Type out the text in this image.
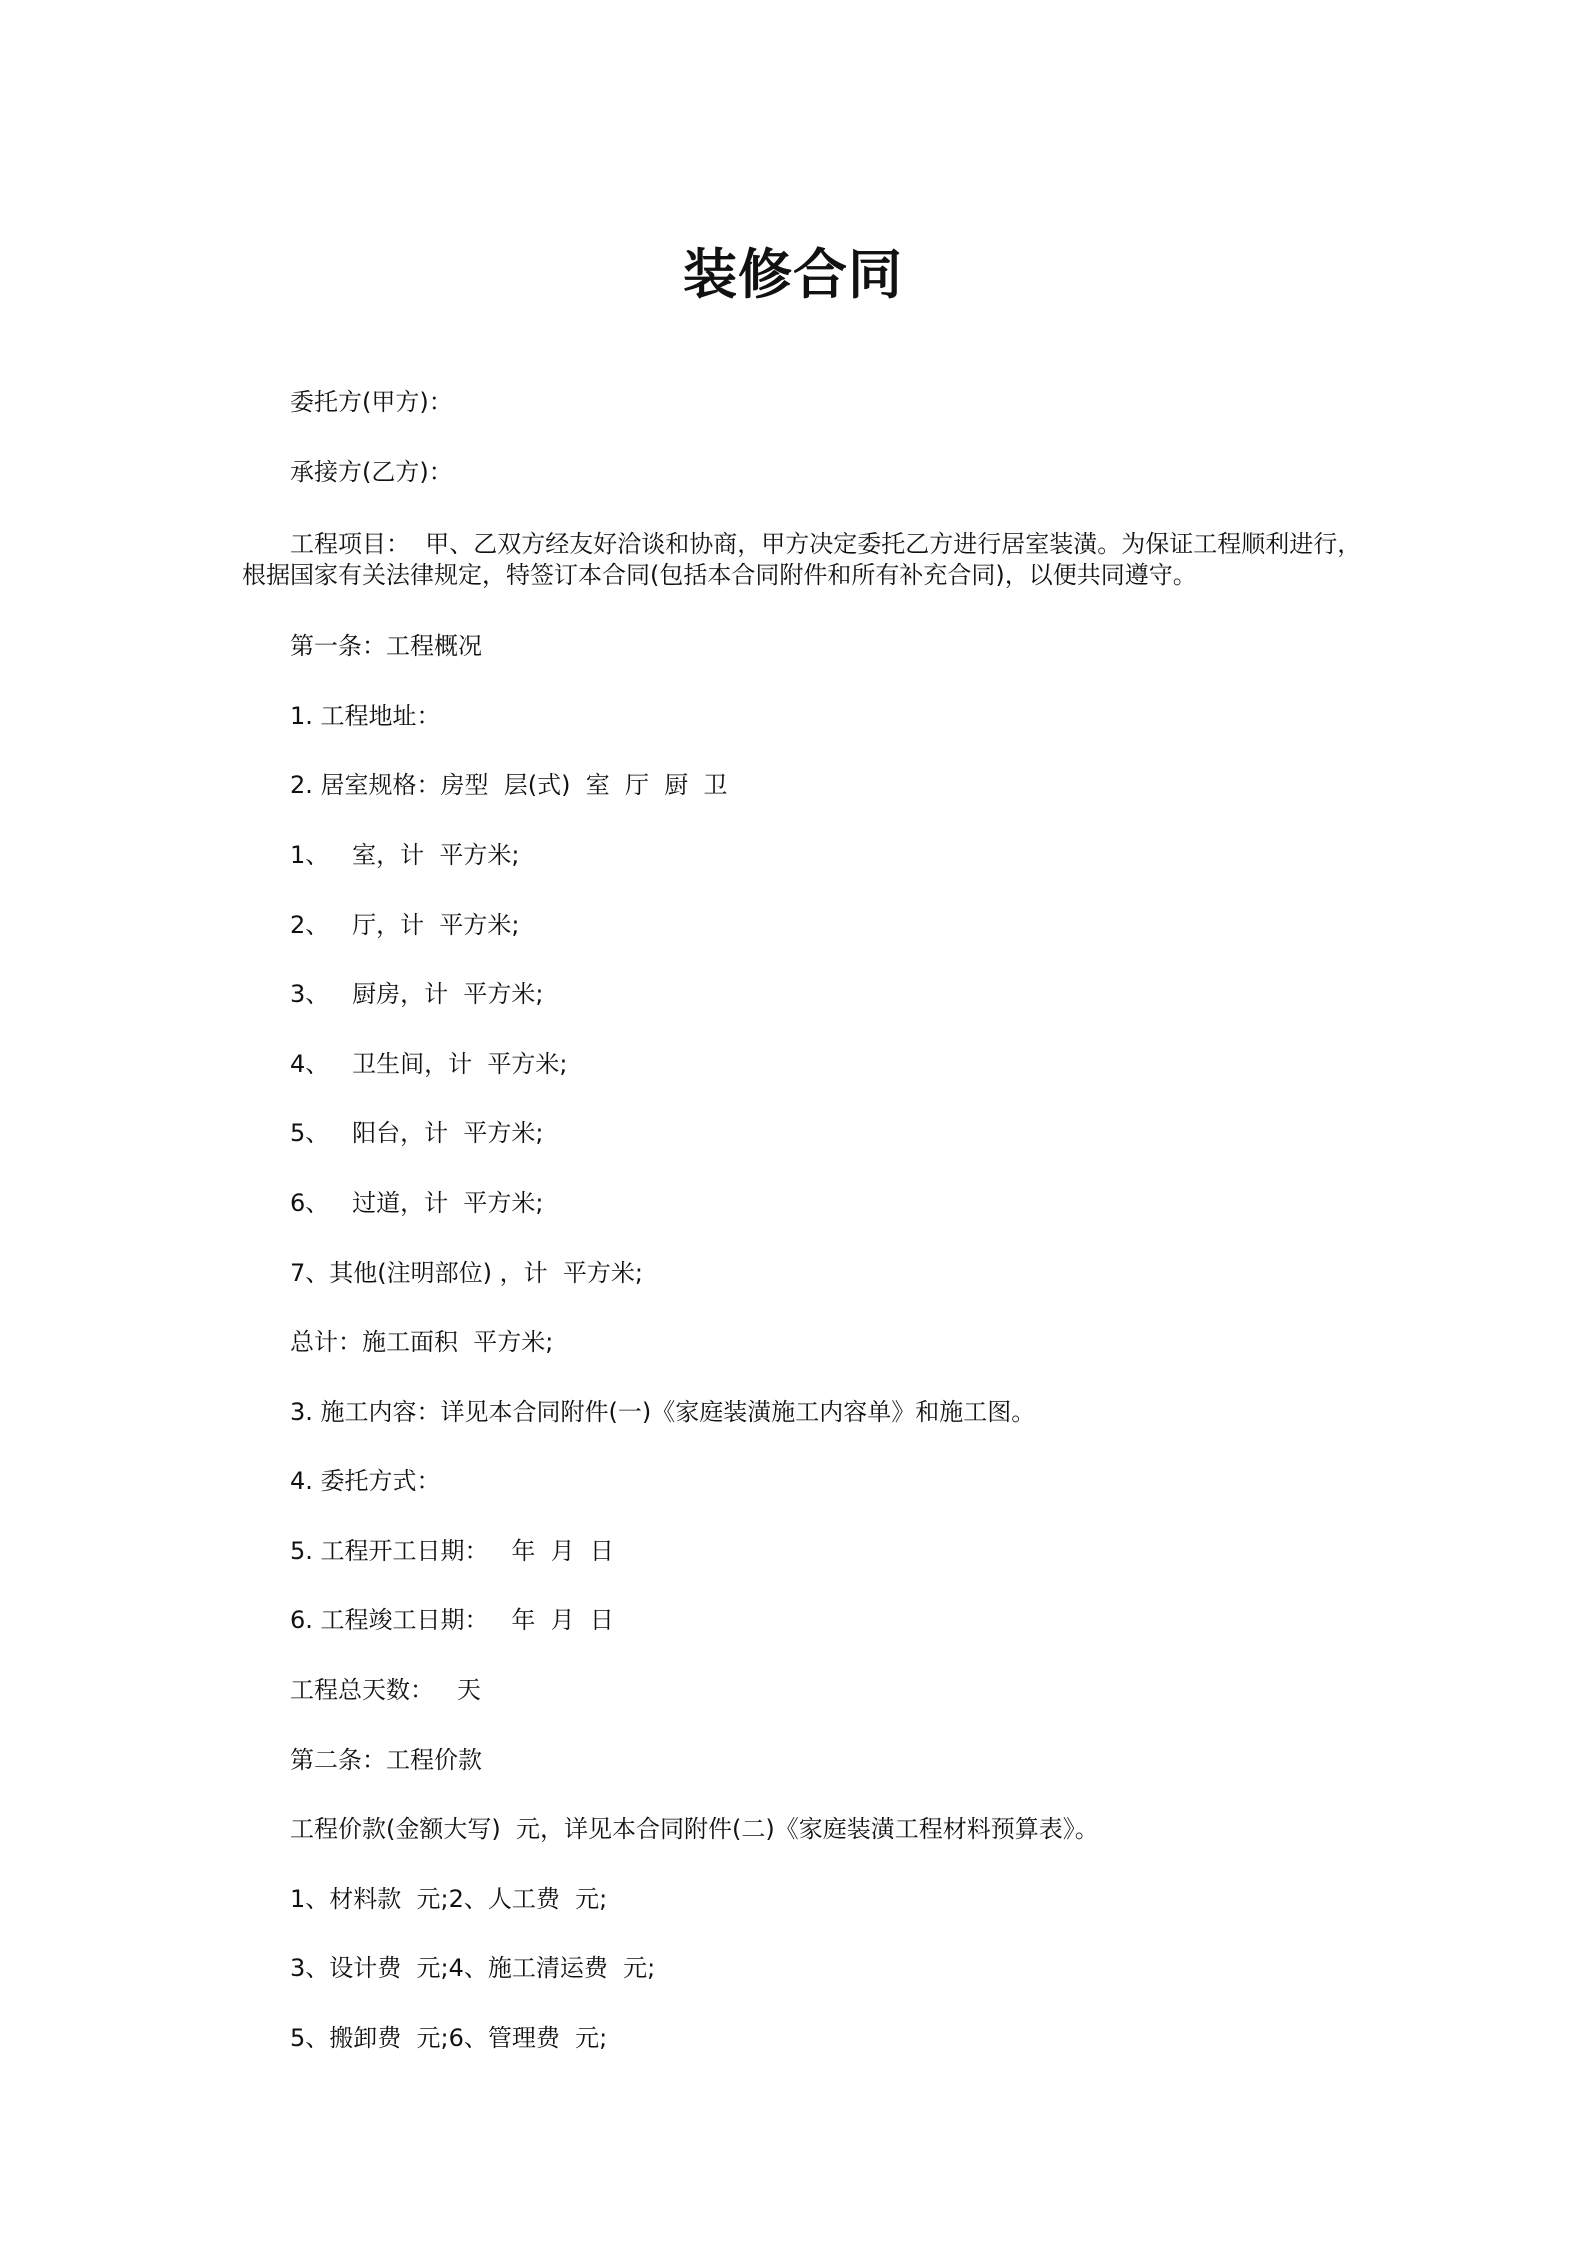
装修合同
委托方(甲方)：
承接方(乙方)：
工程项目：  甲、乙双方经友好洽谈和协商，甲方决定委托乙方进行居室装潢。为保证工程顺利进行，
根据国家有关法律规定，特签订本合同(包括本合同附件和所有补充合同)，以便共同遵守。
第一条：工程概况
1. 工程地址：
2. 居室规格：房型  层(式)  室  厅  厨  卫
1、   室，计  平方米;
2、   厅，计  平方米;
3、   厨房，计  平方米;
4、   卫生间，计  平方米;
5、   阳台，计  平方米;
6、   过道，计  平方米;
7、其他(注明部位) ，计  平方米;
总计：施工面积  平方米;
3. 施工内容：详见本合同附件(一)《家庭装潢施工内容单》和施工图。
4. 委托方式：
5. 工程开工日期：   年  月  日
6. 工程竣工日期：   年  月  日
工程总天数：   天
第二条：工程价款
工程价款(金额大写)  元，详见本合同附件(二)《家庭装潢工程材料预算表》。
1、材料款  元;2、人工费  元;
3、设计费  元;4、施工清运费  元;
5、搬卸费  元;6、管理费  元;
